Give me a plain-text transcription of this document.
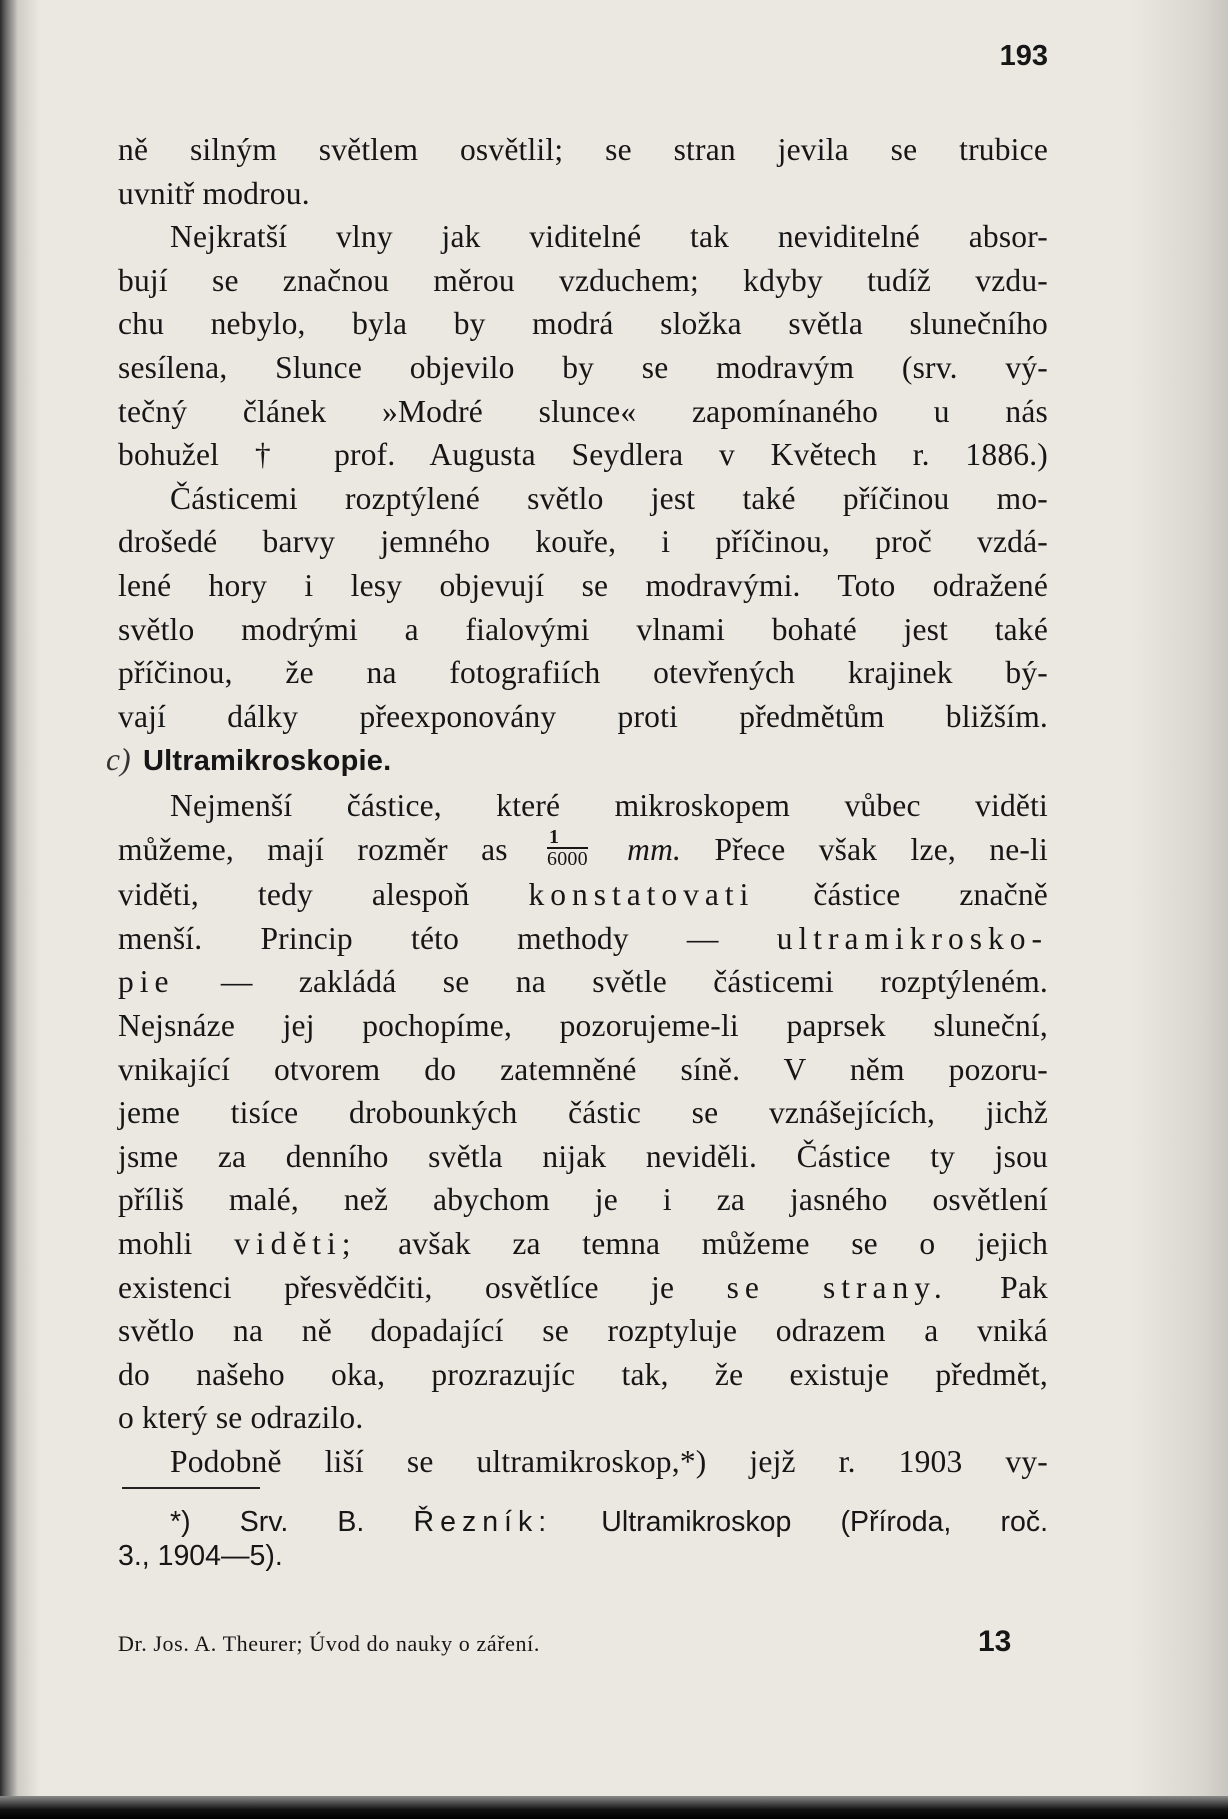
193
ně silným světlem osvětlil; se stran jevila se trubice
uvnitř modrou.
Nejkratší vlny jak viditelné tak neviditelné absor-
bují se značnou měrou vzduchem; kdyby tudíž vzdu-
chu nebylo, byla by modrá složka světla slunečního
sesílena, Slunce objevilo by se modravým (srv. vý-
tečný článek »Modré slunce« zapomínaného u nás
bohužel † prof. Augusta Seydlera v Květech r. 1886.)
Částicemi rozptýlené světlo jest také příčinou mo-
drošedé barvy jemného kouře, i příčinou, proč vzdá-
lené hory i lesy objevují se modravými. Toto odražené
světlo modrými a fialovými vlnami bohaté jest také
příčinou, že na fotografiích otevřených krajinek bý-
vají dálky přeexponovány proti předmětům bližším.
c) Ultramikroskopie.
Nejmenší částice, které mikroskopem vůbec viděti
můžeme, mají rozměr as $\frac{1}{6000}$ mm. Přece však lze, ne-li
viděti, tedy alespoň konstatovati částice značně
menší. Princip této methody — ultramikrosko-
pie — zakládá se na světle částicemi rozptýleném.
Nejsnáze jej pochopíme, pozorujeme-li paprsek sluneční,
vnikající otvorem do zatemněné síně. V něm pozoru-
jeme tisíce drobounkých částic se vznášejících, jichž
jsme za denního světla nijak neviděli. Částice ty jsou
příliš malé, než abychom je i za jasného osvětlení
mohli viděti; avšak za temna můžeme se o jejich
existenci přesvědčiti, osvětlíce je se strany. Pak
světlo na ně dopadající se rozptyluje odrazem a vniká
do našeho oka, prozrazujíc tak, že existuje předmět,
o který se odrazilo.
Podobně liší se ultramikroskop,*) jejž r. 1903 vy-
*) Srv. B. Řezník: Ultramikroskop (Příroda, roč.
3., 1904—5).
Dr. Jos. A. Theurer; Úvod do nauky o záření.	13
